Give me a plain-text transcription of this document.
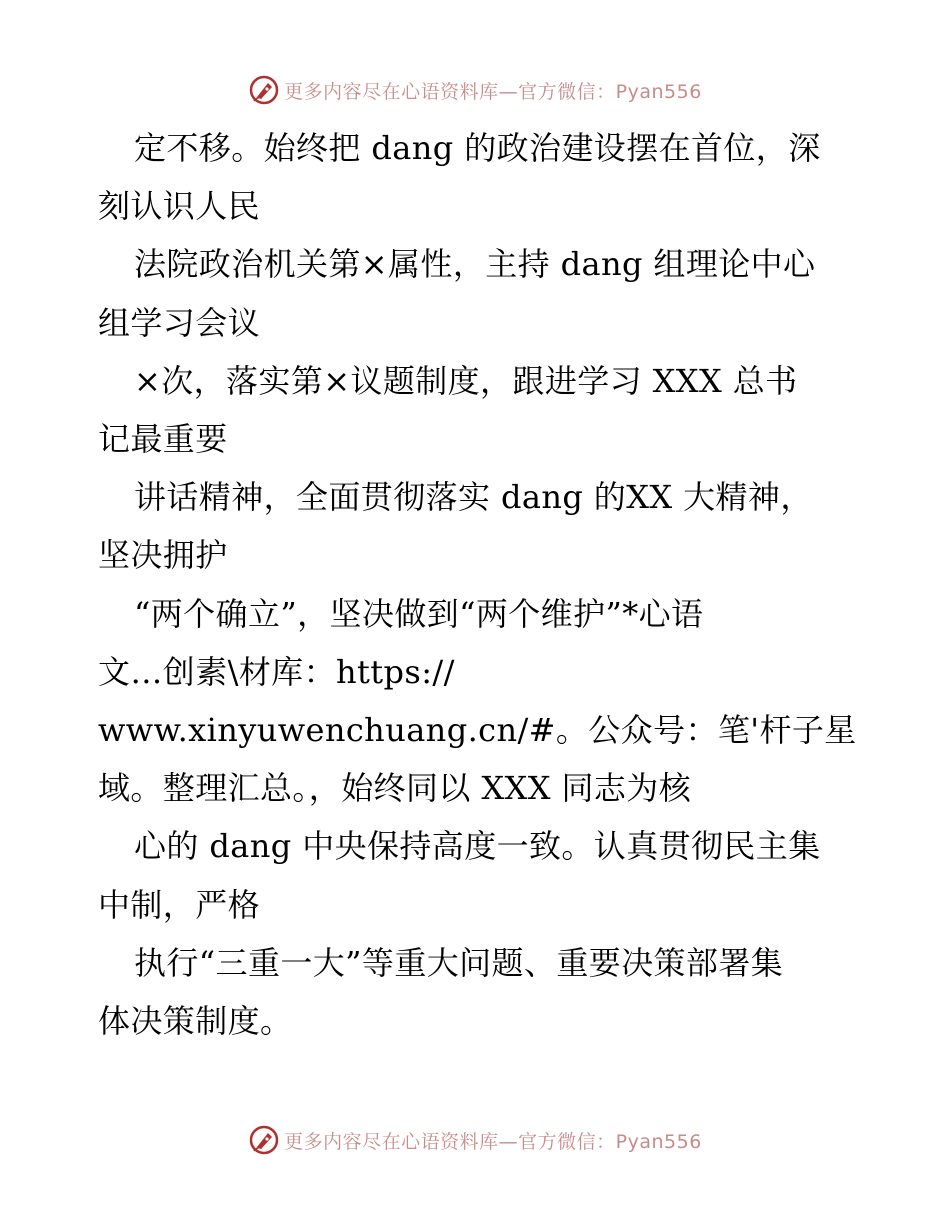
更多内容尽在心语资料库—官方微信：Pyan556

定不移。始终把 dang 的政治建设摆在首位，深
刻认识人民

法院政治机关第×属性，主持 dang 组理论中心
组学习会议

×次，落实第×议题制度，跟进学习 XXX 总书
记最重要

讲话精神，全面贯彻落实 dang 的XX 大精神，
坚决拥护

“两个确立”，坚决做到“两个维护”*心语
文…创素\材库：https://
www.xinyuwenchuang.cn/#。公众号：笔'杆子星
域。整理汇总。，始终同以 XXX 同志为核

心的 dang 中央保持高度一致。认真贯彻民主集
中制，严格

执行“三重一大”等重大问题、重要决策部署集
体决策制度。

更多内容尽在心语资料库—官方微信：Pyan556
